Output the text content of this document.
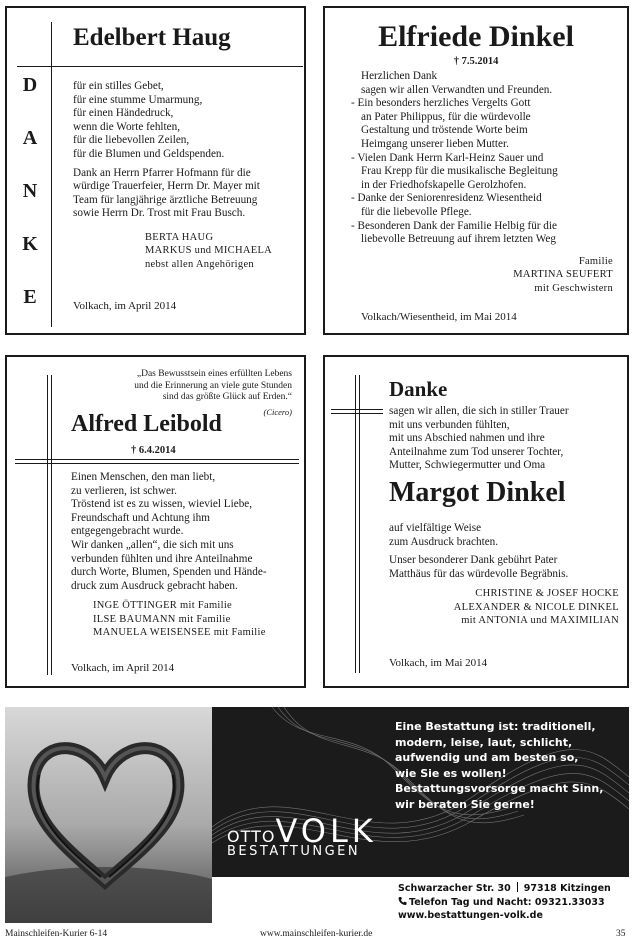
Edelbert Haug
D
A
N
K
E
für ein stilles Gebet,
für eine stumme Umarmung,
für einen Händedruck,
wenn die Worte fehlten,
für die liebevollen Zeilen,
für die Blumen und Geldspenden.
Dank an Herrn Pfarrer Hofmann für die
würdige Trauerfeier, Herrn Dr. Mayer mit
Team für langjährige ärztliche Betreuung
sowie Herrn Dr. Trost mit Frau Busch.
BERTA HAUG
MARKUS und MICHAELA
nebst allen Angehörigen
Volkach, im April 2014
Elfriede Dinkel
† 7.5.2014
Herzlichen Dank
sagen wir allen Verwandten und Freunden.
- Ein besonders herzliches Vergelts Gott
an Pater Philippus, für die würdevolle
Gestaltung und tröstende Worte beim
Heimgang unserer lieben Mutter.
- Vielen Dank Herrn Karl-Heinz Sauer und
Frau Krepp für die musikalische Begleitung
in der Friedhofskapelle Gerolzhofen.
- Danke der Seniorenresidenz Wiesentheid
für die liebevolle Pflege.
- Besonderen Dank der Familie Helbig für die
liebevolle Betreuung auf ihrem letzten Weg
Familie
MARTINA SEUFERT
mit Geschwistern
Volkach/Wiesentheid, im Mai 2014
„Das Bewusstsein eines erfüllten Lebens
und die Erinnerung an viele gute Stunden
sind das größte Glück auf Erden.“
(Cicero)
Alfred Leibold
† 6.4.2014
Einen Menschen, den man liebt,
zu verlieren, ist schwer.
Tröstend ist es zu wissen, wieviel Liebe,
Freundschaft und Achtung ihm
entgegengebracht wurde.
Wir danken „allen“, die sich mit uns
verbunden fühlten und ihre Anteilnahme
durch Worte, Blumen, Spenden und Hände-
druck zum Ausdruck gebracht haben.
INGE ÖTTINGER mit Familie
ILSE BAUMANN mit Familie
MANUELA WEISENSEE mit Familie
Volkach, im April 2014
Danke
sagen wir allen, die sich in stiller Trauer
mit uns verbunden fühlten,
mit uns Abschied nahmen und ihre
Anteilnahme zum Tod unserer Tochter,
Mutter, Schwiegermutter und Oma
Margot Dinkel
auf vielfältige Weise
zum Ausdruck brachten.
Unser besonderer Dank gebührt Pater
Matthäus für das würdevolle Begräbnis.
CHRISTINE & JOSEF HOCKE
ALEXANDER & NICOLE DINKEL
mit ANTONIA und MAXIMILIAN
Volkach, im Mai 2014
Eine Bestattung ist: traditionell,
modern, leise, laut, schlicht,
aufwendig und am besten so,
wie Sie es wollen!
Bestattungsvorsorge macht Sinn,
wir beraten Sie gerne!
OTTOVOLK
BESTATTUNGEN
Schwarzacher Str. 30 97318 Kitzingen
Telefon Tag und Nacht: 09321.33033
www.bestattungen-volk.de
Mainschleifen-Kurier 6-14	www.mainschleifen-kurier.de	35
